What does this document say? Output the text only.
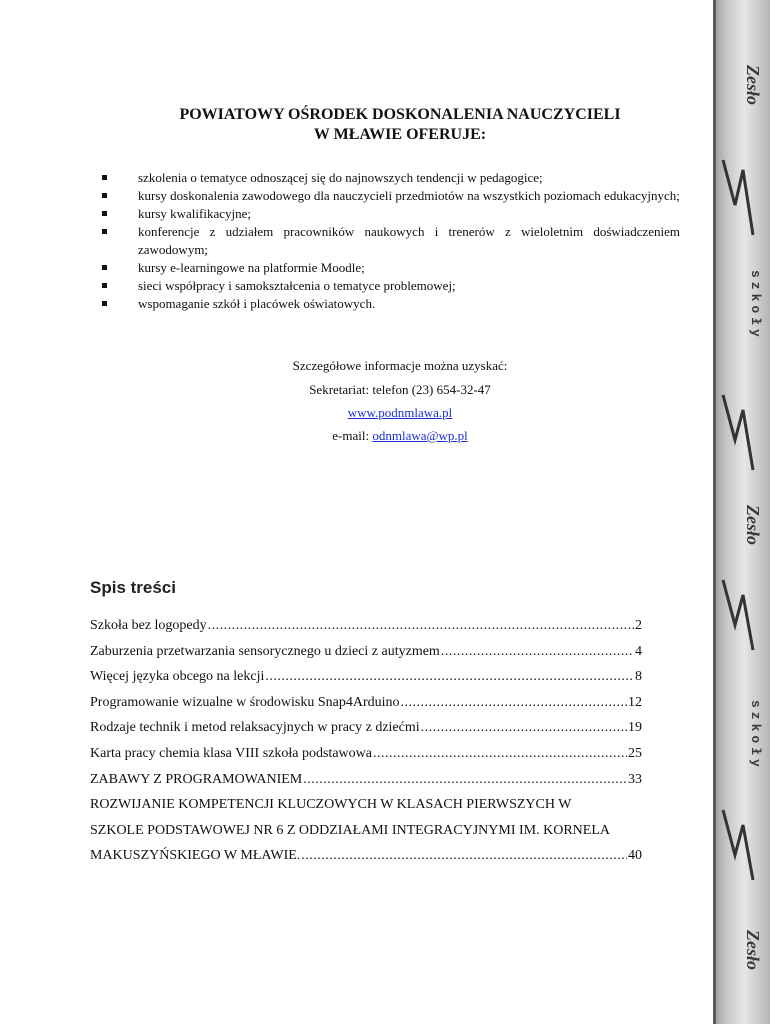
POWIATOWY OŚRODEK DOSKONALENIA NAUCZYCIELI
W MŁAWIE OFERUJE:
szkolenia o tematyce odnoszącej się do najnowszych tendencji w pedagogice;
kursy doskonalenia zawodowego dla nauczycieli przedmiotów na wszystkich poziomach edukacyjnych;
kursy kwalifikacyjne;
konferencje z udziałem pracowników naukowych i trenerów z wieloletnim doświadczeniem zawodowym;
kursy e-learningowe na platformie Moodle;
sieci współpracy i samokształcenia o tematyce problemowej;
wspomaganie szkół i placówek oświatowych.
Szczegółowe informacje można uzyskać:
Sekretariat: telefon (23) 654-32-47
www.podnmlawa.pl
e-mail: odnmlawa@wp.pl
Spis treści
Szkoła bez logopedy .....	2
Zaburzenia przetwarzania sensorycznego u dzieci z autyzmem .....	4
Więcej języka obcego na lekcji .....	8
Programowanie wizualne w środowisku Snap4Arduino .....	12
Rodzaje technik i metod relaksacyjnych w pracy z dziećmi .....	19
Karta pracy chemia klasa VIII szkoła podstawowa .....	25
ZABAWY Z PROGRAMOWANIEM .....	33
ROZWIJANIE KOMPETENCJI KLUCZOWYCH W KLASACH PIERWSZYCH W
SZKOLE PODSTAWOWEJ NR 6 Z ODDZIAŁAMI INTEGRACYJNYMI IM. KORNELA
MAKUSZYŃSKIEGO W MŁAWIE. .....	40
Zesło
szkoły
Zesło
szkoły
Zesło
